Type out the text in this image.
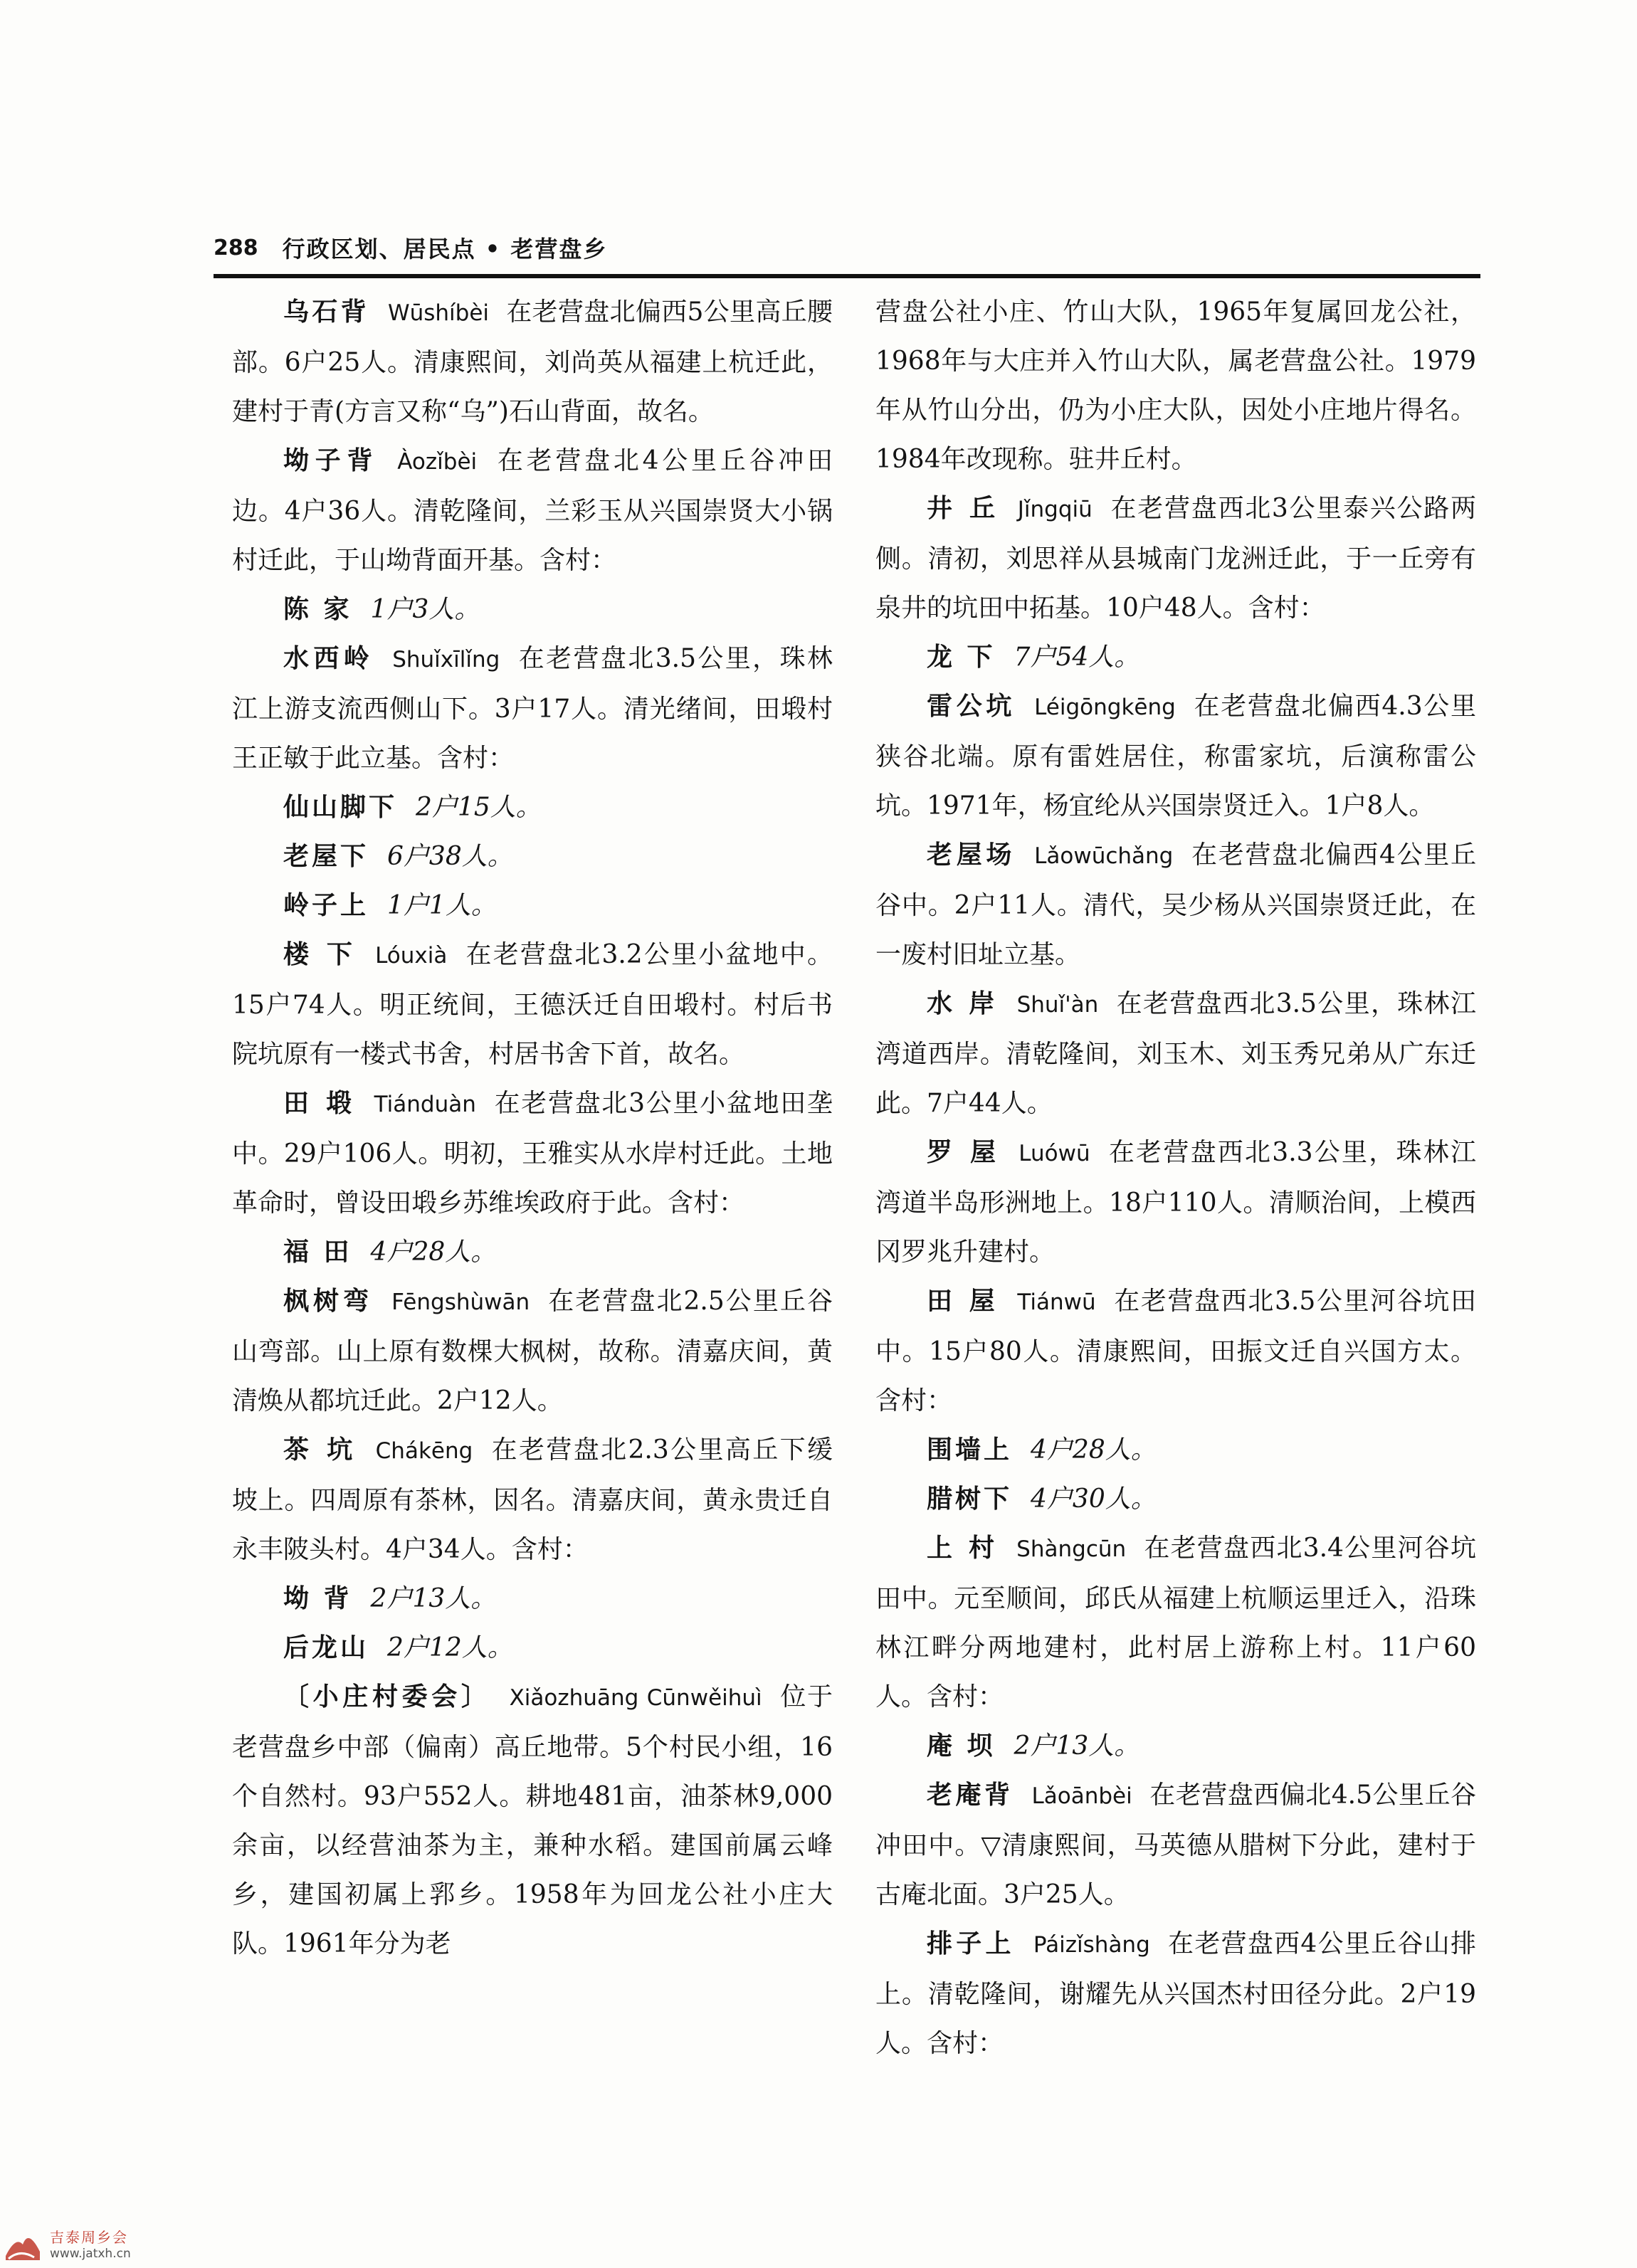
288 行政区划、居民点 • 老营盘乡

乌石背 Wūshíbèi 在老营盘北偏西5公里高丘腰部。6户25人。清康熙间，刘尚英从福建上杭迁此，建村于青(方言又称“乌”)石山背面，故名。

坳子背 Àozǐbèi 在老营盘北4公里丘谷冲田边。4户36人。清乾隆间，兰彩玉从兴国崇贤大小锅村迁此，于山坳背面开基。含村：

陈 家 1户3人。

水西岭 Shuǐxīlǐng 在老营盘北3.5公里，珠林江上游支流西侧山下。3户17人。清光绪间，田塅村王正敏于此立基。含村：

仙山脚下 2户15人。
老屋下 6户38人。
岭子上 1户1人。

楼 下 Lóuxià 在老营盘北3.2公里小盆地中。15户74人。明正统间，王德沃迁自田塅村。村后书院坑原有一楼式书舍，村居书舍下首，故名。

田 塅 Tiánduàn 在老营盘北3公里小盆地田垄中。29户106人。明初，王雅实从水岸村迁此。土地革命时，曾设田塅乡苏维埃政府于此。含村：

福 田 4户28人。

枫树弯 Fēngshùwān 在老营盘北2.5公里丘谷山弯部。山上原有数棵大枫树，故称。清嘉庆间，黄清焕从都坑迁此。2户12人。

茶 坑 Chákēng 在老营盘北2.3公里高丘下缓坡上。四周原有茶林，因名。清嘉庆间，黄永贵迁自永丰陂头村。4户34人。含村：

坳 背 2户13人。
后龙山 2户12人。

〔小庄村委会〕 Xiǎozhuāng Cūnwěihuì 位于老营盘乡中部（偏南）高丘地带。5个村民小组，16个自然村。93户552人。耕地481亩，油茶林9,000余亩，以经营油茶为主，兼种水稻。建国前属云峰乡，建国初属上郛乡。1958年为回龙公社小庄大队。1961年分为老

营盘公社小庄、竹山大队，1965年复属回龙公社，1968年与大庄并入竹山大队，属老营盘公社。1979年从竹山分出，仍为小庄大队，因处小庄地片得名。1984年改现称。驻井丘村。

井 丘 Jǐngqiū 在老营盘西北3公里泰兴公路两侧。清初，刘思祥从县城南门龙洲迁此，于一丘旁有泉井的坑田中拓基。10户48人。含村：

龙 下 7户54人。

雷公坑 Léigōngkēng 在老营盘北偏西4.3公里狭谷北端。原有雷姓居住，称雷家坑，后演称雷公坑。1971年，杨宜纶从兴国崇贤迁入。1户8人。

老屋场 Lǎowūchǎng 在老营盘北偏西4公里丘谷中。2户11人。清代，吴少杨从兴国崇贤迁此，在一废村旧址立基。

水 岸 Shuǐ'àn 在老营盘西北3.5公里，珠林江湾道西岸。清乾隆间，刘玉木、刘玉秀兄弟从广东迁此。7户44人。

罗 屋 Luówū 在老营盘西北3.3公里，珠林江湾道半岛形洲地上。18户110人。清顺治间，上模西冈罗兆升建村。

田 屋 Tiánwū 在老营盘西北3.5公里河谷坑田中。15户80人。清康熙间，田振文迁自兴国方太。含村：

围墙上 4户28人。
腊树下 4户30人。

上 村 Shàngcūn 在老营盘西北3.4公里河谷坑田中。元至顺间，邱氏从福建上杭顺运里迁入，沿珠林江畔分两地建村，此村居上游称上村。11户60人。含村：

庵 坝 2户13人。

老庵背 Lǎoānbèi 在老营盘西偏北4.5公里丘谷冲田中。▽清康熙间，马英德从腊树下分此，建村于古庵北面。3户25人。

排子上 Páizǐshàng 在老营盘西4公里丘谷山排上。清乾隆间，谢耀先从兴国杰村田径分此。2户19人。含村：

吉泰周乡会
www.jatxh.cn
